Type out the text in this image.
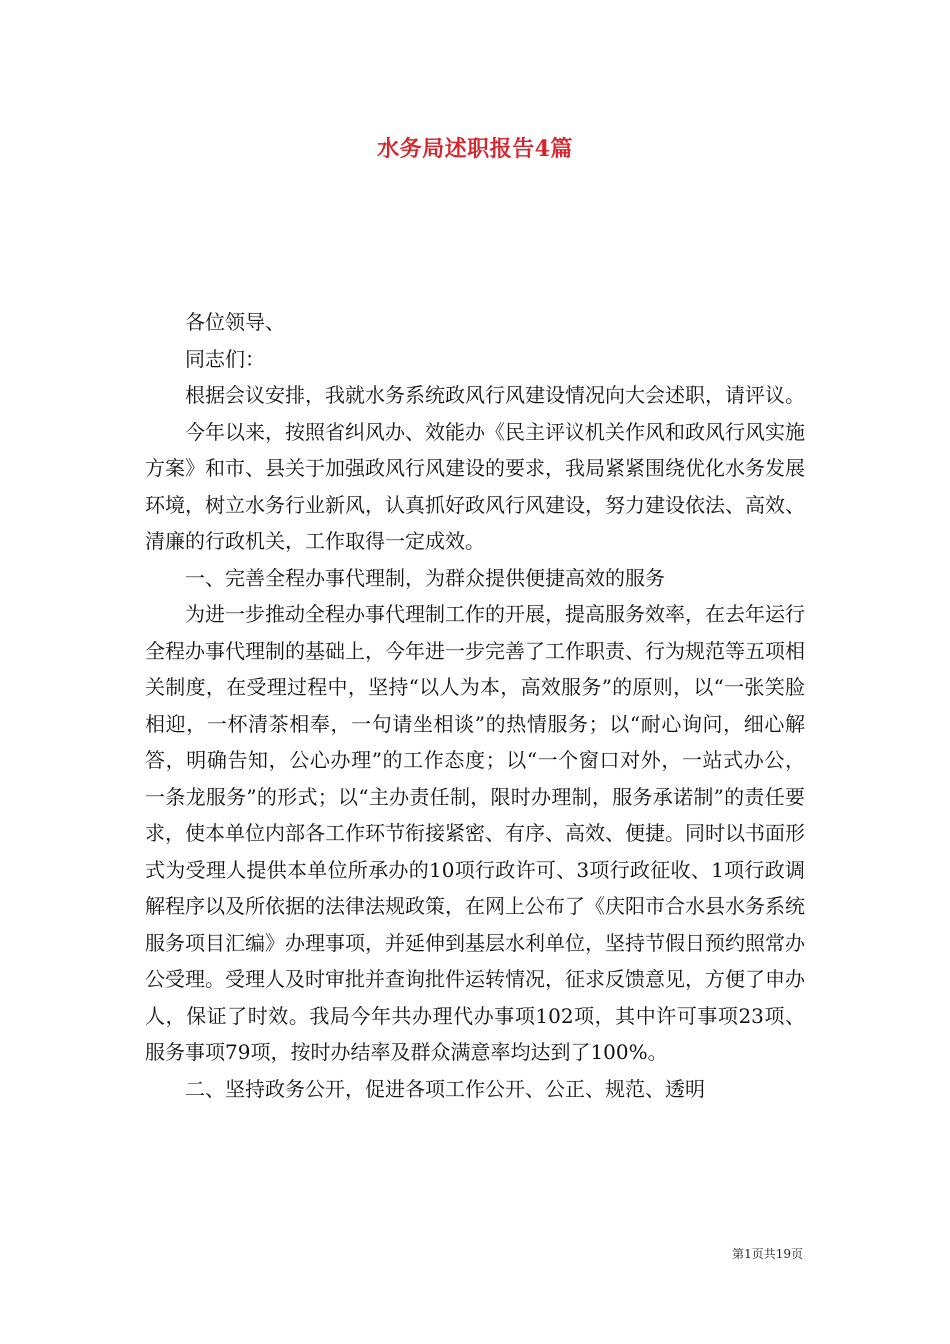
水务局述职报告4篇

各位领导、

同志们：

根据会议安排，我就水务系统政风行风建设情况向大会述职，请评议。

今年以来，按照省纠风办、效能办《民主评议机关作风和政风行风实施方案》和市、县关于加强政风行风建设的要求，我局紧紧围绕优化水务发展环境，树立水务行业新风，认真抓好政风行风建设，努力建设依法、高效、清廉的行政机关，工作取得一定成效。

一、完善全程办事代理制，为群众提供便捷高效的服务

为进一步推动全程办事代理制工作的开展，提高服务效率，在去年运行全程办事代理制的基础上，今年进一步完善了工作职责、行为规范等五项相关制度，在受理过程中，坚持“以人为本，高效服务”的原则，以“一张笑脸相迎，一杯清茶相奉，一句请坐相谈”的热情服务；以“耐心询问，细心解答，明确告知，公心办理”的工作态度；以“一个窗口对外，一站式办公，一条龙服务”的形式；以“主办责任制，限时办理制，服务承诺制”的责任要求，使本单位内部各工作环节衔接紧密、有序、高效、便捷。同时以书面形式为受理人提供本单位所承办的10项行政许可、3项行政征收、1项行政调解程序以及所依据的法律法规政策，在网上公布了《庆阳市合水县水务系统服务项目汇编》办理事项，并延伸到基层水利单位，坚持节假日预约照常办公受理。受理人及时审批并查询批件运转情况，征求反馈意见，方便了申办人，保证了时效。我局今年共办理代办事项102项，其中许可事项23项、服务事项79项，按时办结率及群众满意率均达到了100%。

二、坚持政务公开，促进各项工作公开、公正、规范、透明

第1页共19页
